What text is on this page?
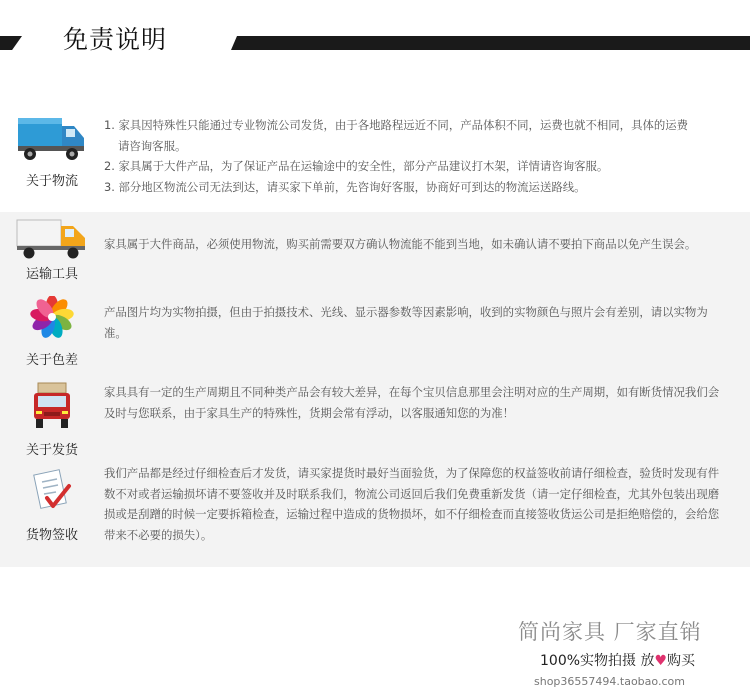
免责说明
关于物流
1. 家具因特殊性只能通过专业物流公司发货，由于各地路程远近不同，产品体积不同，运费也就不相同，具体的运费
请咨询客服。
2. 家具属于大件产品，为了保证产品在运输途中的安全性，部分产品建议打木架，详情请咨询客服。
3. 部分地区物流公司无法到达，请买家下单前，先咨询好客服，协商好可到达的物流运送路线。
运输工具
家具属于大件商品，必须使用物流，购买前需要双方确认物流能不能到当地，如未确认请不要拍下商品以免产生误会。
关于色差
产品图片均为实物拍摄，但由于拍摄技术、光线、显示器参数等因素影响，收到的实物颜色与照片会有差别，请以实物为准。
关于发货
家具具有一定的生产周期且不同种类产品会有较大差异，在每个宝贝信息那里会注明对应的生产周期，如有断货情况我们会及时与您联系，由于家具生产的特殊性，货期会常有浮动，以客服通知您的为准！
货物签收
我们产品都是经过仔细检查后才发货，请买家提货时最好当面验货，为了保障您的权益签收前请仔细检查，验货时发现有件数不对或者运输损坏请不要签收并及时联系我们，物流公司返回后我们免费重新发货（请一定仔细检查，尤其外包装出现磨损或是刮蹭的时候一定要拆箱检查，运输过程中造成的货物损坏，如不仔细检查而直接签收货运公司是拒绝赔偿的，会给您带来不必要的损失）。
简尚家具 厂家直销
100%实物拍摄 放♥购买
shop36557494.taobao.com
